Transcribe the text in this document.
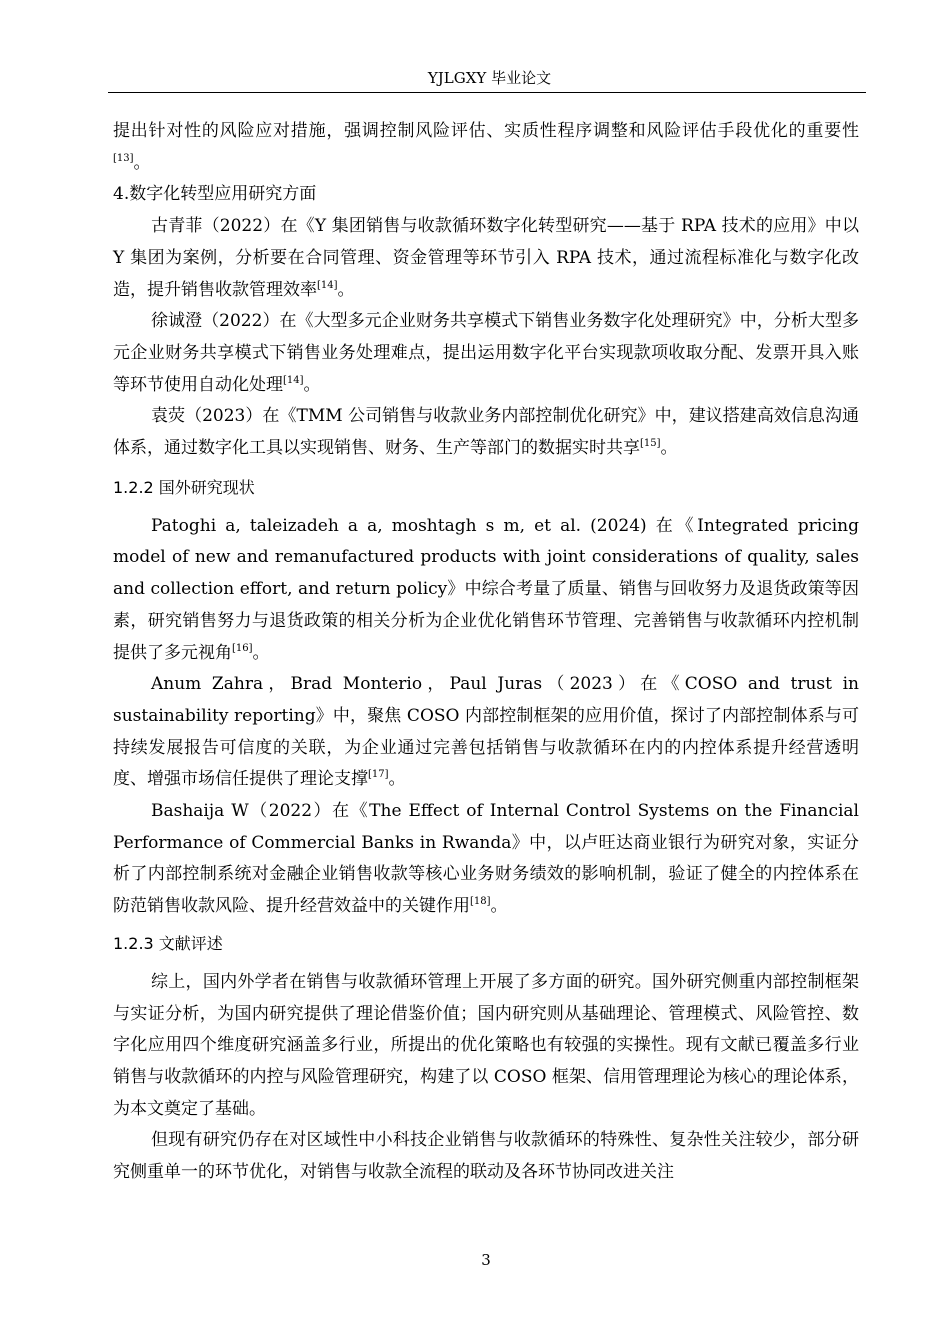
YJLGXY 毕业论文

提出针对性的风险应对措施，强调控制风险评估、实质性程序调整和风险评估手段优化的重要性[13]。

4.数字化转型应用研究方面

古青菲（2022）在《Y 集团销售与收款循环数字化转型研究——基于 RPA 技术的应用》中以 Y 集团为案例，分析要在合同管理、资金管理等环节引入 RPA 技术，通过流程标准化与数字化改造，提升销售收款管理效率[14]。

徐诚澄（2022）在《大型多元企业财务共享模式下销售业务数字化处理研究》中，分析大型多元企业财务共享模式下销售业务处理难点，提出运用数字化平台实现款项收取分配、发票开具入账等环节使用自动化处理[14]。

袁荧（2023）在《TMM 公司销售与收款业务内部控制优化研究》中，建议搭建高效信息沟通体系，通过数字化工具以实现销售、财务、生产等部门的数据实时共享[15]。

1.2.2 国外研究现状

Patoghi a, taleizadeh a a, moshtagh s m, et al. (2024) 在《Integrated pricing model of new and remanufactured products with joint considerations of quality, sales and collection effort, and return policy》中综合考量了质量、销售与回收努力及退货政策等因素，研究销售努力与退货政策的相关分析为企业优化销售环节管理、完善销售与收款循环内控机制提供了多元视角[16]。

Anum Zahra，Brad Monterio，Paul Juras（2023）在《COSO and trust in sustainability reporting》中，聚焦 COSO 内部控制框架的应用价值，探讨了内部控制体系与可持续发展报告可信度的关联，为企业通过完善包括销售与收款循环在内的内控体系提升经营透明度、增强市场信任提供了理论支撑[17]。

Bashaija W（2022）在《The Effect of Internal Control Systems on the Financial Performance of Commercial Banks in Rwanda》中，以卢旺达商业银行为研究对象，实证分析了内部控制系统对金融企业销售收款等核心业务财务绩效的影响机制，验证了健全的内控体系在防范销售收款风险、提升经营效益中的关键作用[18]。

1.2.3 文献评述

综上，国内外学者在销售与收款循环管理上开展了多方面的研究。国外研究侧重内部控制框架与实证分析，为国内研究提供了理论借鉴价值；国内研究则从基础理论、管理模式、风险管控、数字化应用四个维度研究涵盖多行业，所提出的优化策略也有较强的实操性。现有文献已覆盖多行业销售与收款循环的内控与风险管理研究，构建了以 COSO 框架、信用管理理论为核心的理论体系，为本文奠定了基础。

但现有研究仍存在对区域性中小科技企业销售与收款循环的特殊性、复杂性关注较少，部分研究侧重单一的环节优化，对销售与收款全流程的联动及各环节协同改进关注

3
